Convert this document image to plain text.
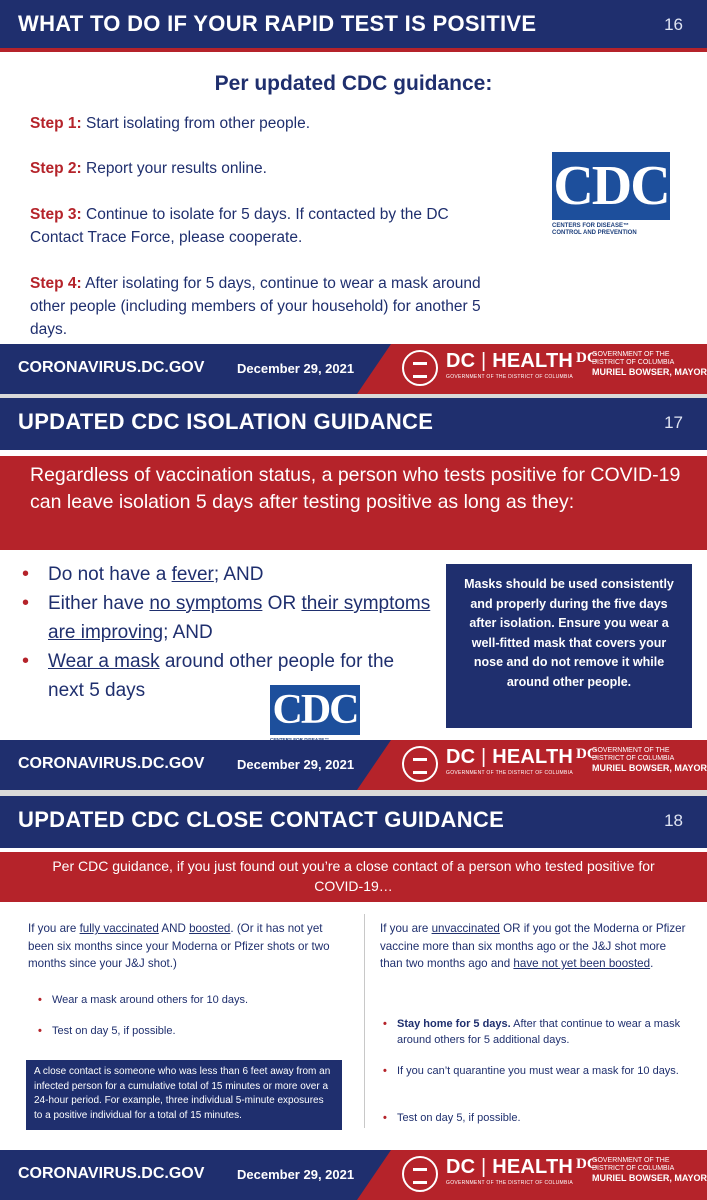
WHAT TO DO IF YOUR RAPID TEST IS POSITIVE	16
Per updated CDC guidance:
Step 1: Start isolating from other people.
Step 2: Report your results online.
Step 3: Continue to isolate for 5 days. If contacted by the DC Contact Trace Force, please cooperate.
Step 4: After isolating for 5 days, continue to wear a mask around other people (including members of your household) for another 5 days.
CDC
CENTERS FOR DISEASE™
CONTROL AND PREVENTION
CORONAVIRUS.DC.GOV	December 29, 2021	DC | HEALTH
GOVERNMENT OF THE DISTRICT OF COLUMBIA
DC
GOVERNMENT OF THE
DISTRICT OF COLUMBIA
MURIEL BOWSER, MAYOR
UPDATED CDC ISOLATION GUIDANCE	17
Regardless of vaccination status, a person who tests positive for COVID-19 can leave isolation 5 days after testing positive as long as they:
• Do not have a fever; AND
• Either have no symptoms OR their symptoms are improving; AND
• Wear a mask around other people for the next 5 days	CDC
Masks should be used consistently and properly during the five days after isolation. Ensure you wear a well-fitted mask that covers your nose and do not remove it while around other people.
CORONAVIRUS.DC.GOV	December 29, 2021	DC | HEALTH
GOVERNMENT OF THE DISTRICT OF COLUMBIA
DC
GOVERNMENT OF THE
DISTRICT OF COLUMBIA
MURIEL BOWSER, MAYOR
UPDATED CDC CLOSE CONTACT GUIDANCE	18
Per CDC guidance, if you just found out you’re a close contact of a person who tested positive for COVID-19…
If you are fully vaccinated AND boosted. (Or it has not yet been six months since your Moderna or Pfizer shots or two months since your J&J shot.)
• Wear a mask around others for 10 days.
• Test on day 5, if possible.
A close contact is someone who was less than 6 feet away from an infected person for a cumulative total of 15 minutes or more over a 24-hour period. For example, three individual 5-minute exposures to a positive individual for a total of 15 minutes.
If you are unvaccinated OR if you got the Moderna or Pfizer vaccine more than six months ago or the J&J shot more than two months ago and have not yet been boosted.
• Stay home for 5 days. After that continue to wear a mask around others for 5 additional days.
• If you can’t quarantine you must wear a mask for 10 days.
• Test on day 5, if possible.
CORONAVIRUS.DC.GOV	December 29, 2021	DC | HEALTH
GOVERNMENT OF THE DISTRICT OF COLUMBIA
DC
GOVERNMENT OF THE
DISTRICT OF COLUMBIA
MURIEL BOWSER, MAYOR
